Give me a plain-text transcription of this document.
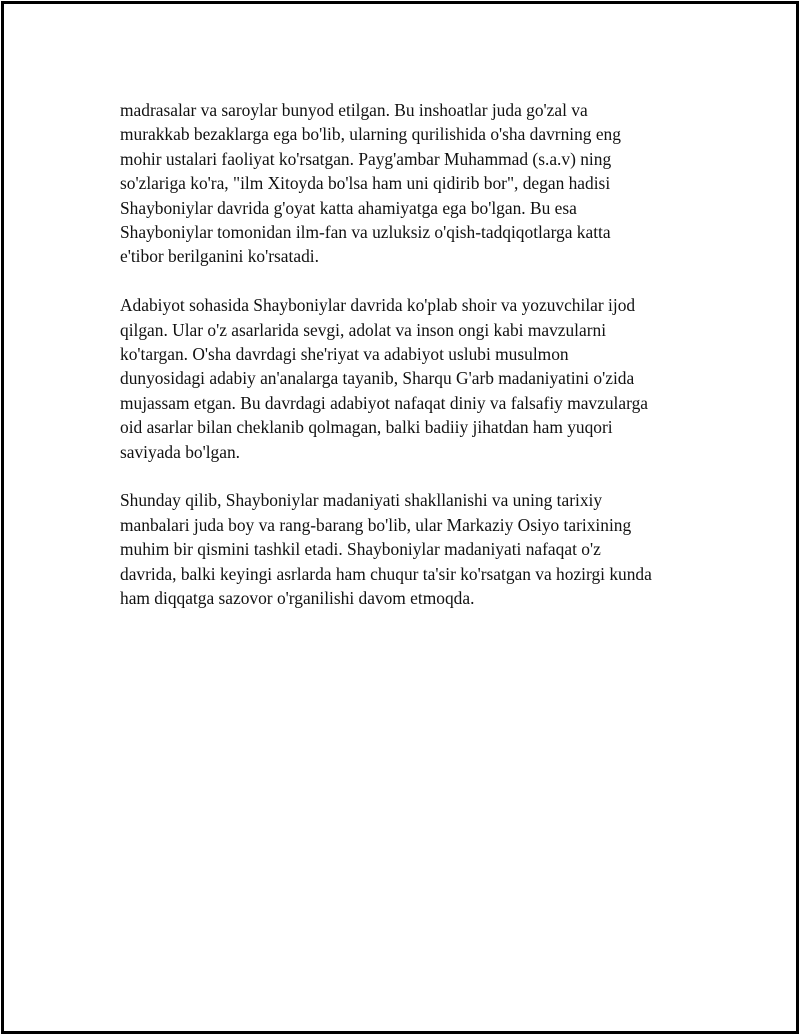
madrasalar va saroylar bunyod etilgan. Bu inshoatlar juda go'zal va
murakkab bezaklarga ega bo'lib, ularning qurilishida o'sha davrning eng
mohir ustalari faoliyat ko'rsatgan. Payg'ambar Muhammad (s.a.v) ning
so'zlariga ko'ra, "ilm Xitoyda bo'lsa ham uni qidirib bor", degan hadisi
Shayboniylar davrida g'oyat katta ahamiyatga ega bo'lgan. Bu esa
Shayboniylar tomonidan ilm-fan va uzluksiz o'qish-tadqiqotlarga katta
e'tibor berilganini ko'rsatadi.

Adabiyot sohasida Shayboniylar davrida ko'plab shoir va yozuvchilar ijod
qilgan. Ular o'z asarlarida sevgi, adolat va inson ongi kabi mavzularni
ko'targan. O'sha davrdagi she'riyat va adabiyot uslubi musulmon
dunyosidagi adabiy an'analarga tayanib, Sharqu G'arb madaniyatini o'zida
mujassam etgan. Bu davrdagi adabiyot nafaqat diniy va falsafiy mavzularga
oid asarlar bilan cheklanib qolmagan, balki badiiy jihatdan ham yuqori
saviyada bo'lgan.

Shunday qilib, Shayboniylar madaniyati shakllanishi va uning tarixiy
manbalari juda boy va rang-barang bo'lib, ular Markaziy Osiyo tarixining
muhim bir qismini tashkil etadi. Shayboniylar madaniyati nafaqat o'z
davrida, balki keyingi asrlarda ham chuqur ta'sir ko'rsatgan va hozirgi kunda
ham diqqatga sazovor o'rganilishi davom etmoqda.
